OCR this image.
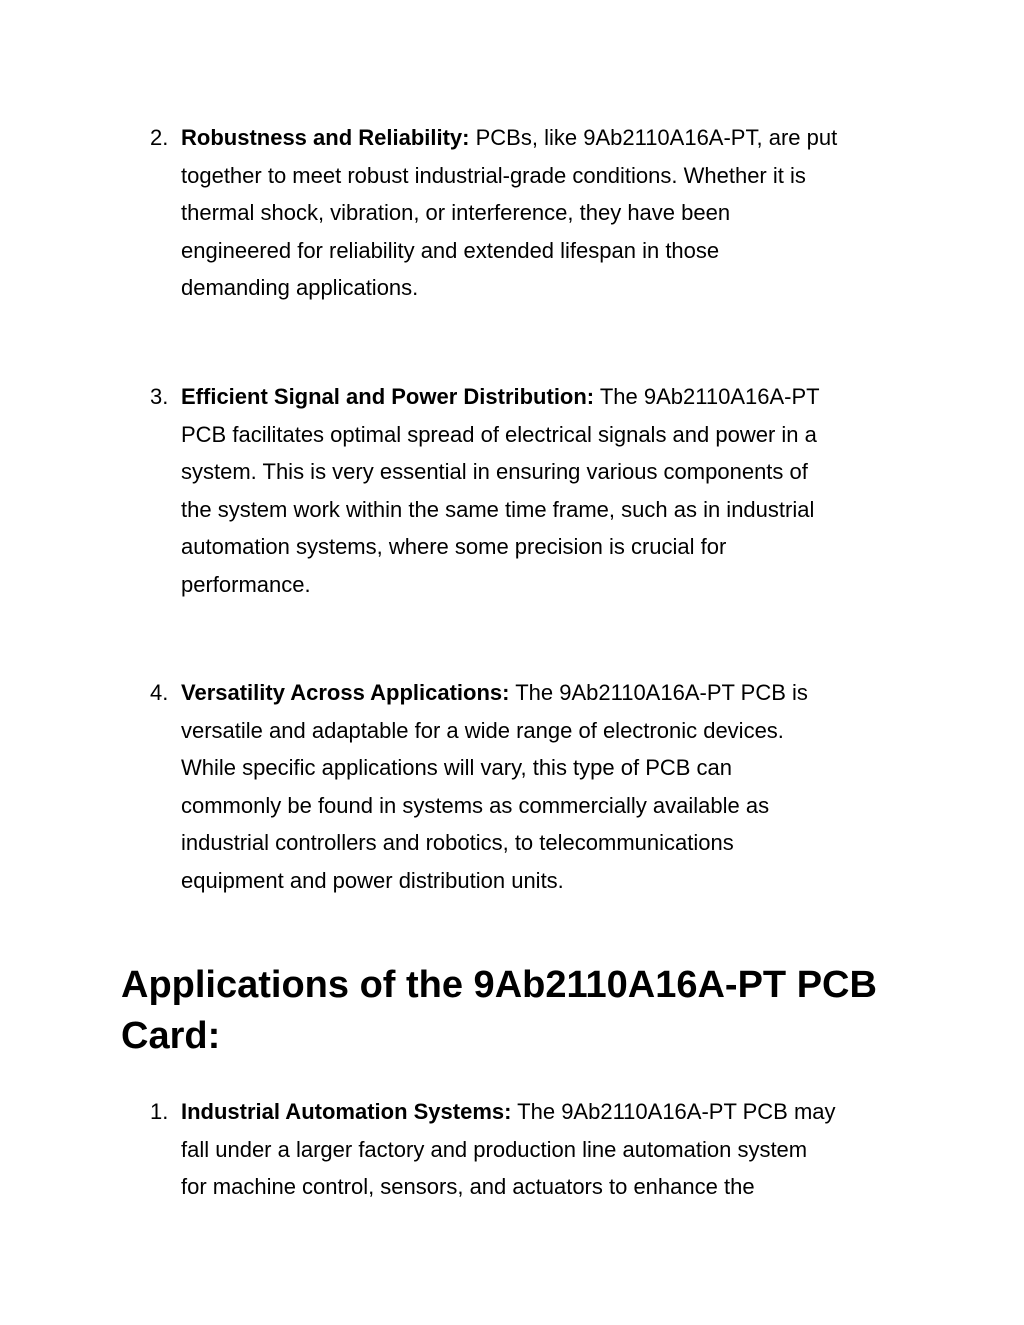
2. Robustness and Reliability: PCBs, like 9Ab2110A16A-PT, are put
together to meet robust industrial-grade conditions. Whether it is
thermal shock, vibration, or interference, they have been
engineered for reliability and extended lifespan in those
demanding applications.
3. Efficient Signal and Power Distribution: The 9Ab2110A16A-PT
PCB facilitates optimal spread of electrical signals and power in a
system. This is very essential in ensuring various components of
the system work within the same time frame, such as in industrial
automation systems, where some precision is crucial for
performance.
4. Versatility Across Applications: The 9Ab2110A16A-PT PCB is
versatile and adaptable for a wide range of electronic devices.
While specific applications will vary, this type of PCB can
commonly be found in systems as commercially available as
industrial controllers and robotics, to telecommunications
equipment and power distribution units.
Applications of the 9Ab2110A16A-PT PCB
Card:
1. Industrial Automation Systems: The 9Ab2110A16A-PT PCB may
fall under a larger factory and production line automation system
for machine control, sensors, and actuators to enhance the
